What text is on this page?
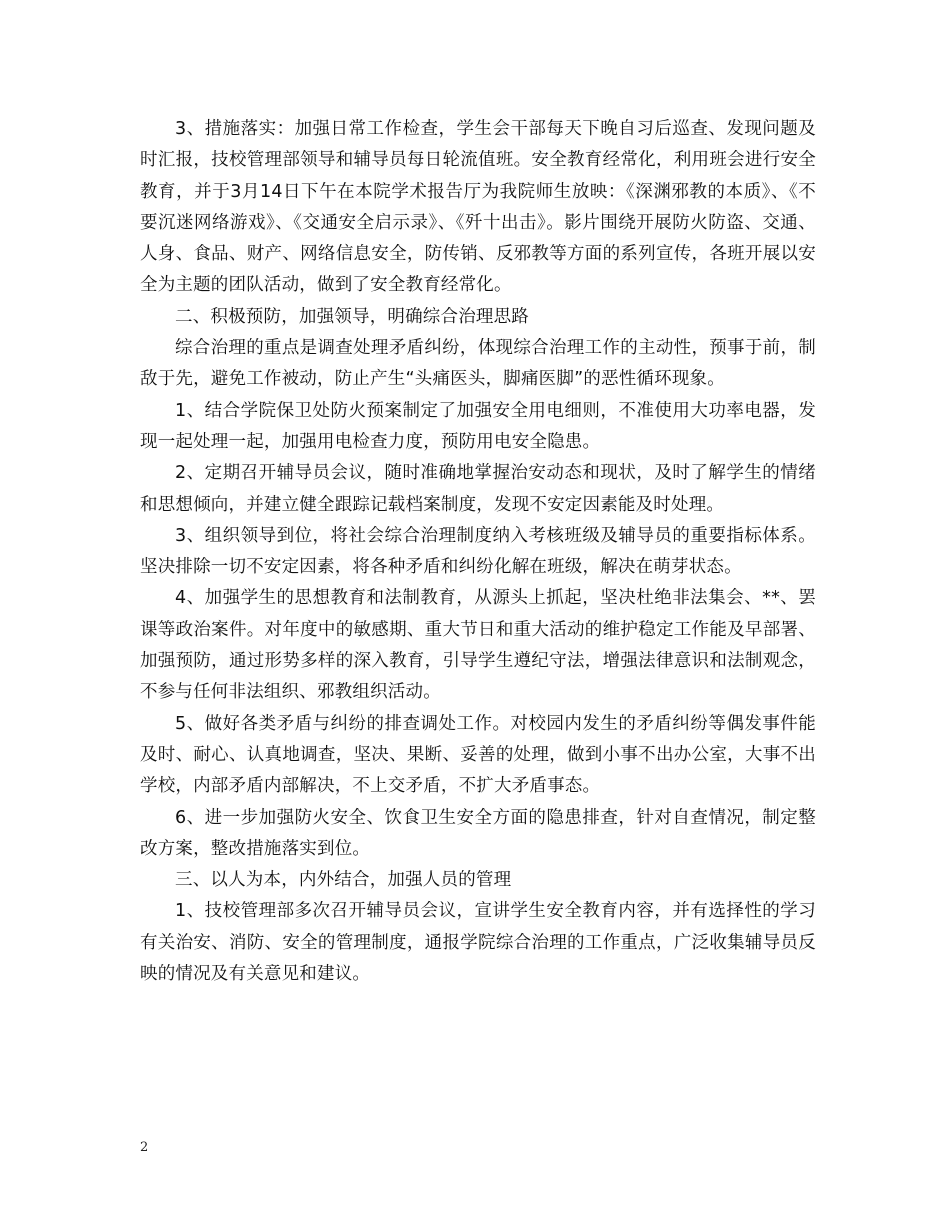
3、措施落实：加强日常工作检查，学生会干部每天下晚自习后巡查、发现问题及时汇报，技校管理部领导和辅导员每日轮流值班。安全教育经常化，利用班会进行安全教育，并于3月14日下午在本院学术报告厅为我院师生放映：《深渊邪教的本质》、《不要沉迷网络游戏》、《交通安全启示录》、《歼十出击》。影片围绕开展防火防盗、交通、人身、食品、财产、网络信息安全，防传销、反邪教等方面的系列宣传，各班开展以安全为主题的团队活动，做到了安全教育经常化。

二、积极预防，加强领导，明确综合治理思路

综合治理的重点是调查处理矛盾纠纷，体现综合治理工作的主动性，预事于前，制敌于先，避免工作被动，防止产生“头痛医头，脚痛医脚”的恶性循环现象。

1、结合学院保卫处防火预案制定了加强安全用电细则，不准使用大功率电器，发现一起处理一起，加强用电检查力度，预防用电安全隐患。

2、定期召开辅导员会议，随时准确地掌握治安动态和现状，及时了解学生的情绪和思想倾向，并建立健全跟踪记载档案制度，发现不安定因素能及时处理。

3、组织领导到位，将社会综合治理制度纳入考核班级及辅导员的重要指标体系。坚决排除一切不安定因素，将各种矛盾和纠纷化解在班级，解决在萌芽状态。

4、加强学生的思想教育和法制教育，从源头上抓起，坚决杜绝非法集会、**、罢课等政治案件。对年度中的敏感期、重大节日和重大活动的维护稳定工作能及早部署、加强预防，通过形势多样的深入教育，引导学生遵纪守法，增强法律意识和法制观念，不参与任何非法组织、邪教组织活动。

5、做好各类矛盾与纠纷的排查调处工作。对校园内发生的矛盾纠纷等偶发事件能及时、耐心、认真地调查，坚决、果断、妥善的处理，做到小事不出办公室，大事不出学校，内部矛盾内部解决，不上交矛盾，不扩大矛盾事态。

6、进一步加强防火安全、饮食卫生安全方面的隐患排查，针对自查情况，制定整改方案，整改措施落实到位。

三、以人为本，内外结合，加强人员的管理

1、技校管理部多次召开辅导员会议，宣讲学生安全教育内容，并有选择性的学习有关治安、消防、安全的管理制度，通报学院综合治理的工作重点，广泛收集辅导员反映的情况及有关意见和建议。

2
